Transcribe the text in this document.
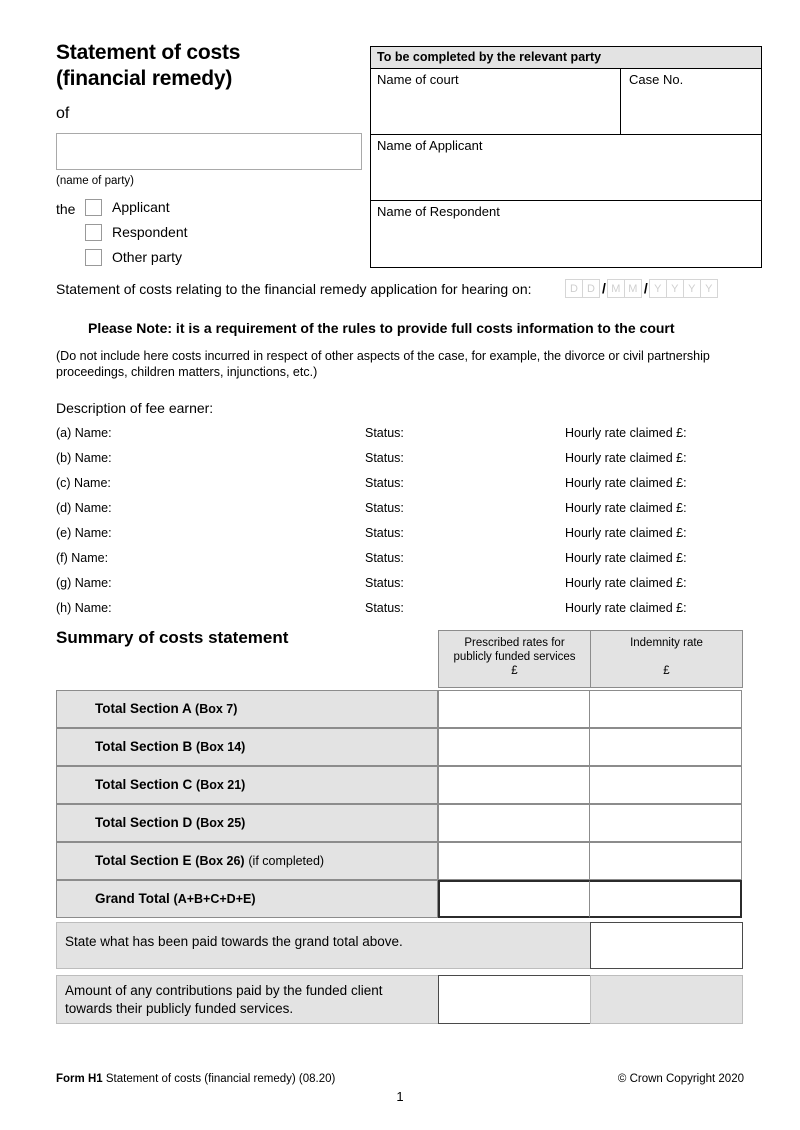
Statement of costs
(financial remedy)
of
(name of party)
the	Applicant
Respondent
Other party
To be completed by the relevant party
Name of court	Case No.
Name of Applicant
Name of Respondent
Statement of costs relating to the financial remedy application for hearing on:	D D / M M / Y Y Y Y
Please Note: it is a requirement of the rules to provide full costs information to the court
(Do not include here costs incurred in respect of other aspects of the case, for example, the divorce or civil partnership proceedings, children matters, injunctions, etc.)
Description of fee earner:
(a) Name:	Status:	Hourly rate claimed £:
(b) Name:	Status:	Hourly rate claimed £:
(c) Name:	Status:	Hourly rate claimed £:
(d) Name:	Status:	Hourly rate claimed £:
(e) Name:	Status:	Hourly rate claimed £:
(f) Name:	Status:	Hourly rate claimed £:
(g) Name:	Status:	Hourly rate claimed £:
(h) Name:	Status:	Hourly rate claimed £:
Summary of costs statement	Prescribed rates for
publicly funded services
£
Indemnity rate
£
Total Section A (Box 7)
Total Section B (Box 14)
Total Section C (Box 21)
Total Section D (Box 25)
Total Section E (Box 26) (if completed)
Grand Total (A+B+C+D+E)
State what has been paid towards the grand total above.
Amount of any contributions paid by the funded client
towards their publicly funded services.
Form H1 Statement of costs (financial remedy) (08.20)	© Crown Copyright 2020
1
